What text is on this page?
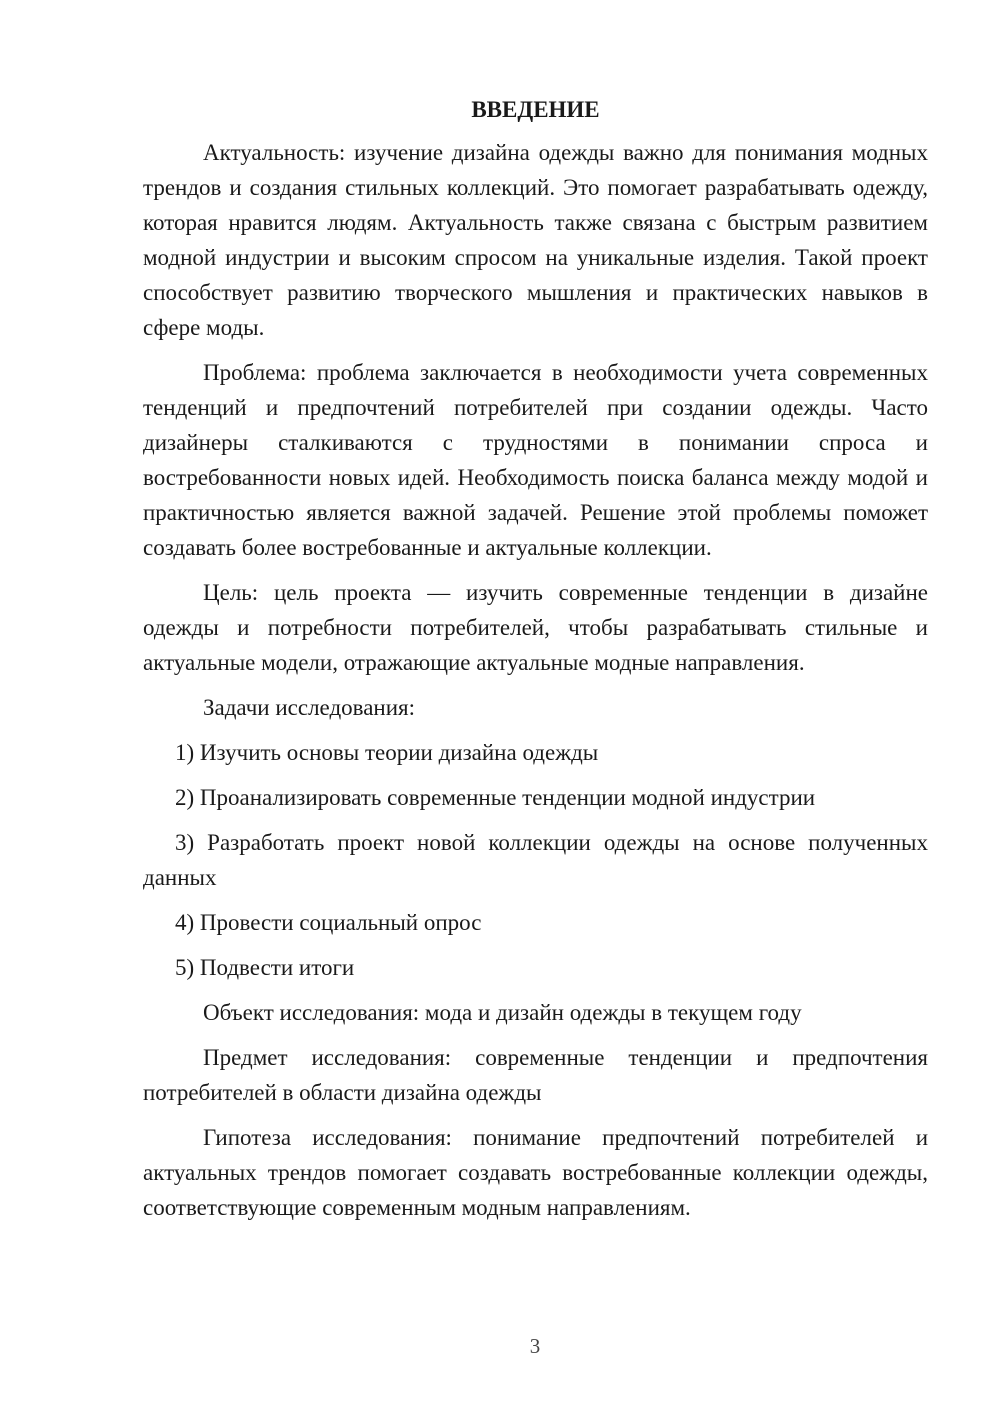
ВВЕДЕНИЕ

Актуальность: изучение дизайна одежды важно для понимания модных трендов и создания стильных коллекций. Это помогает разрабатывать одежду, которая нравится людям. Актуальность также связана с быстрым развитием модной индустрии и высоким спросом на уникальные изделия. Такой проект способствует развитию творческого мышления и практических навыков в сфере моды.

Проблема: проблема заключается в необходимости учета современных тенденций и предпочтений потребителей при создании одежды. Часто дизайнеры сталкиваются с трудностями в понимании спроса и востребованности новых идей. Необходимость поиска баланса между модой и практичностью является важной задачей. Решение этой проблемы поможет создавать более востребованные и актуальные коллекции.

Цель: цель проекта — изучить современные тенденции в дизайне одежды и потребности потребителей, чтобы разрабатывать стильные и актуальные модели, отражающие актуальные модные направления.

Задачи исследования:

1) Изучить основы теории дизайна одежды

2) Проанализировать современные тенденции модной индустрии

3) Разработать проект новой коллекции одежды на основе полученных данных

4) Провести социальный опрос

5) Подвести итоги

Объект исследования: мода и дизайн одежды в текущем году

Предмет исследования: современные тенденции и предпочтения потребителей в области дизайна одежды

Гипотеза исследования: понимание предпочтений потребителей и актуальных трендов помогает создавать востребованные коллекции одежды, соответствующие современным модным направлениям.

3
